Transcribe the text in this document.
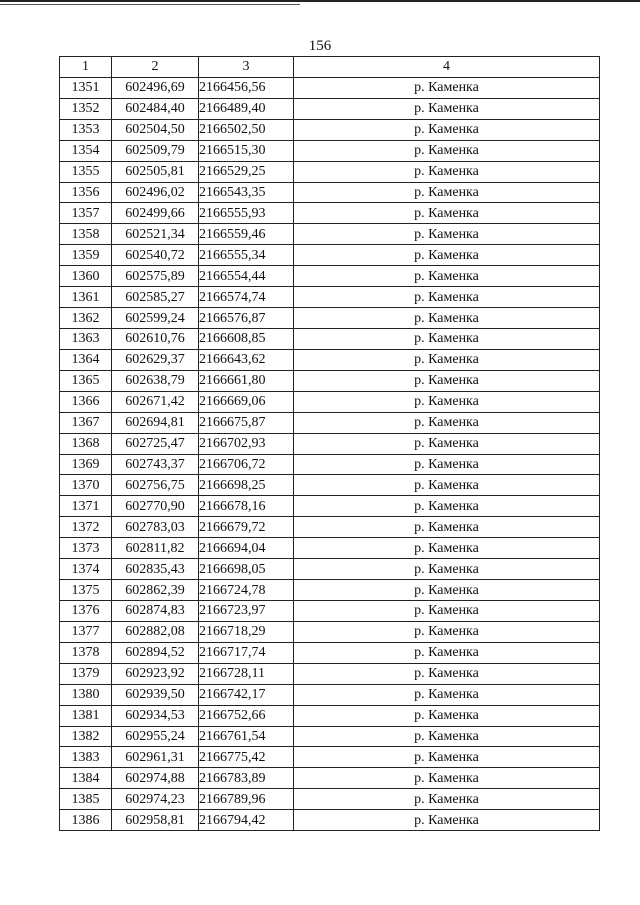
156
1	2	3	4
1351	602496,69	2166456,56	р. Каменка
1352	602484,40	2166489,40	р. Каменка
1353	602504,50	2166502,50	р. Каменка
1354	602509,79	2166515,30	р. Каменка
1355	602505,81	2166529,25	р. Каменка
1356	602496,02	2166543,35	р. Каменка
1357	602499,66	2166555,93	р. Каменка
1358	602521,34	2166559,46	р. Каменка
1359	602540,72	2166555,34	р. Каменка
1360	602575,89	2166554,44	р. Каменка
1361	602585,27	2166574,74	р. Каменка
1362	602599,24	2166576,87	р. Каменка
1363	602610,76	2166608,85	р. Каменка
1364	602629,37	2166643,62	р. Каменка
1365	602638,79	2166661,80	р. Каменка
1366	602671,42	2166669,06	р. Каменка
1367	602694,81	2166675,87	р. Каменка
1368	602725,47	2166702,93	р. Каменка
1369	602743,37	2166706,72	р. Каменка
1370	602756,75	2166698,25	р. Каменка
1371	602770,90	2166678,16	р. Каменка
1372	602783,03	2166679,72	р. Каменка
1373	602811,82	2166694,04	р. Каменка
1374	602835,43	2166698,05	р. Каменка
1375	602862,39	2166724,78	р. Каменка
1376	602874,83	2166723,97	р. Каменка
1377	602882,08	2166718,29	р. Каменка
1378	602894,52	2166717,74	р. Каменка
1379	602923,92	2166728,11	р. Каменка
1380	602939,50	2166742,17	р. Каменка
1381	602934,53	2166752,66	р. Каменка
1382	602955,24	2166761,54	р. Каменка
1383	602961,31	2166775,42	р. Каменка
1384	602974,88	2166783,89	р. Каменка
1385	602974,23	2166789,96	р. Каменка
1386	602958,81	2166794,42	р. Каменка
